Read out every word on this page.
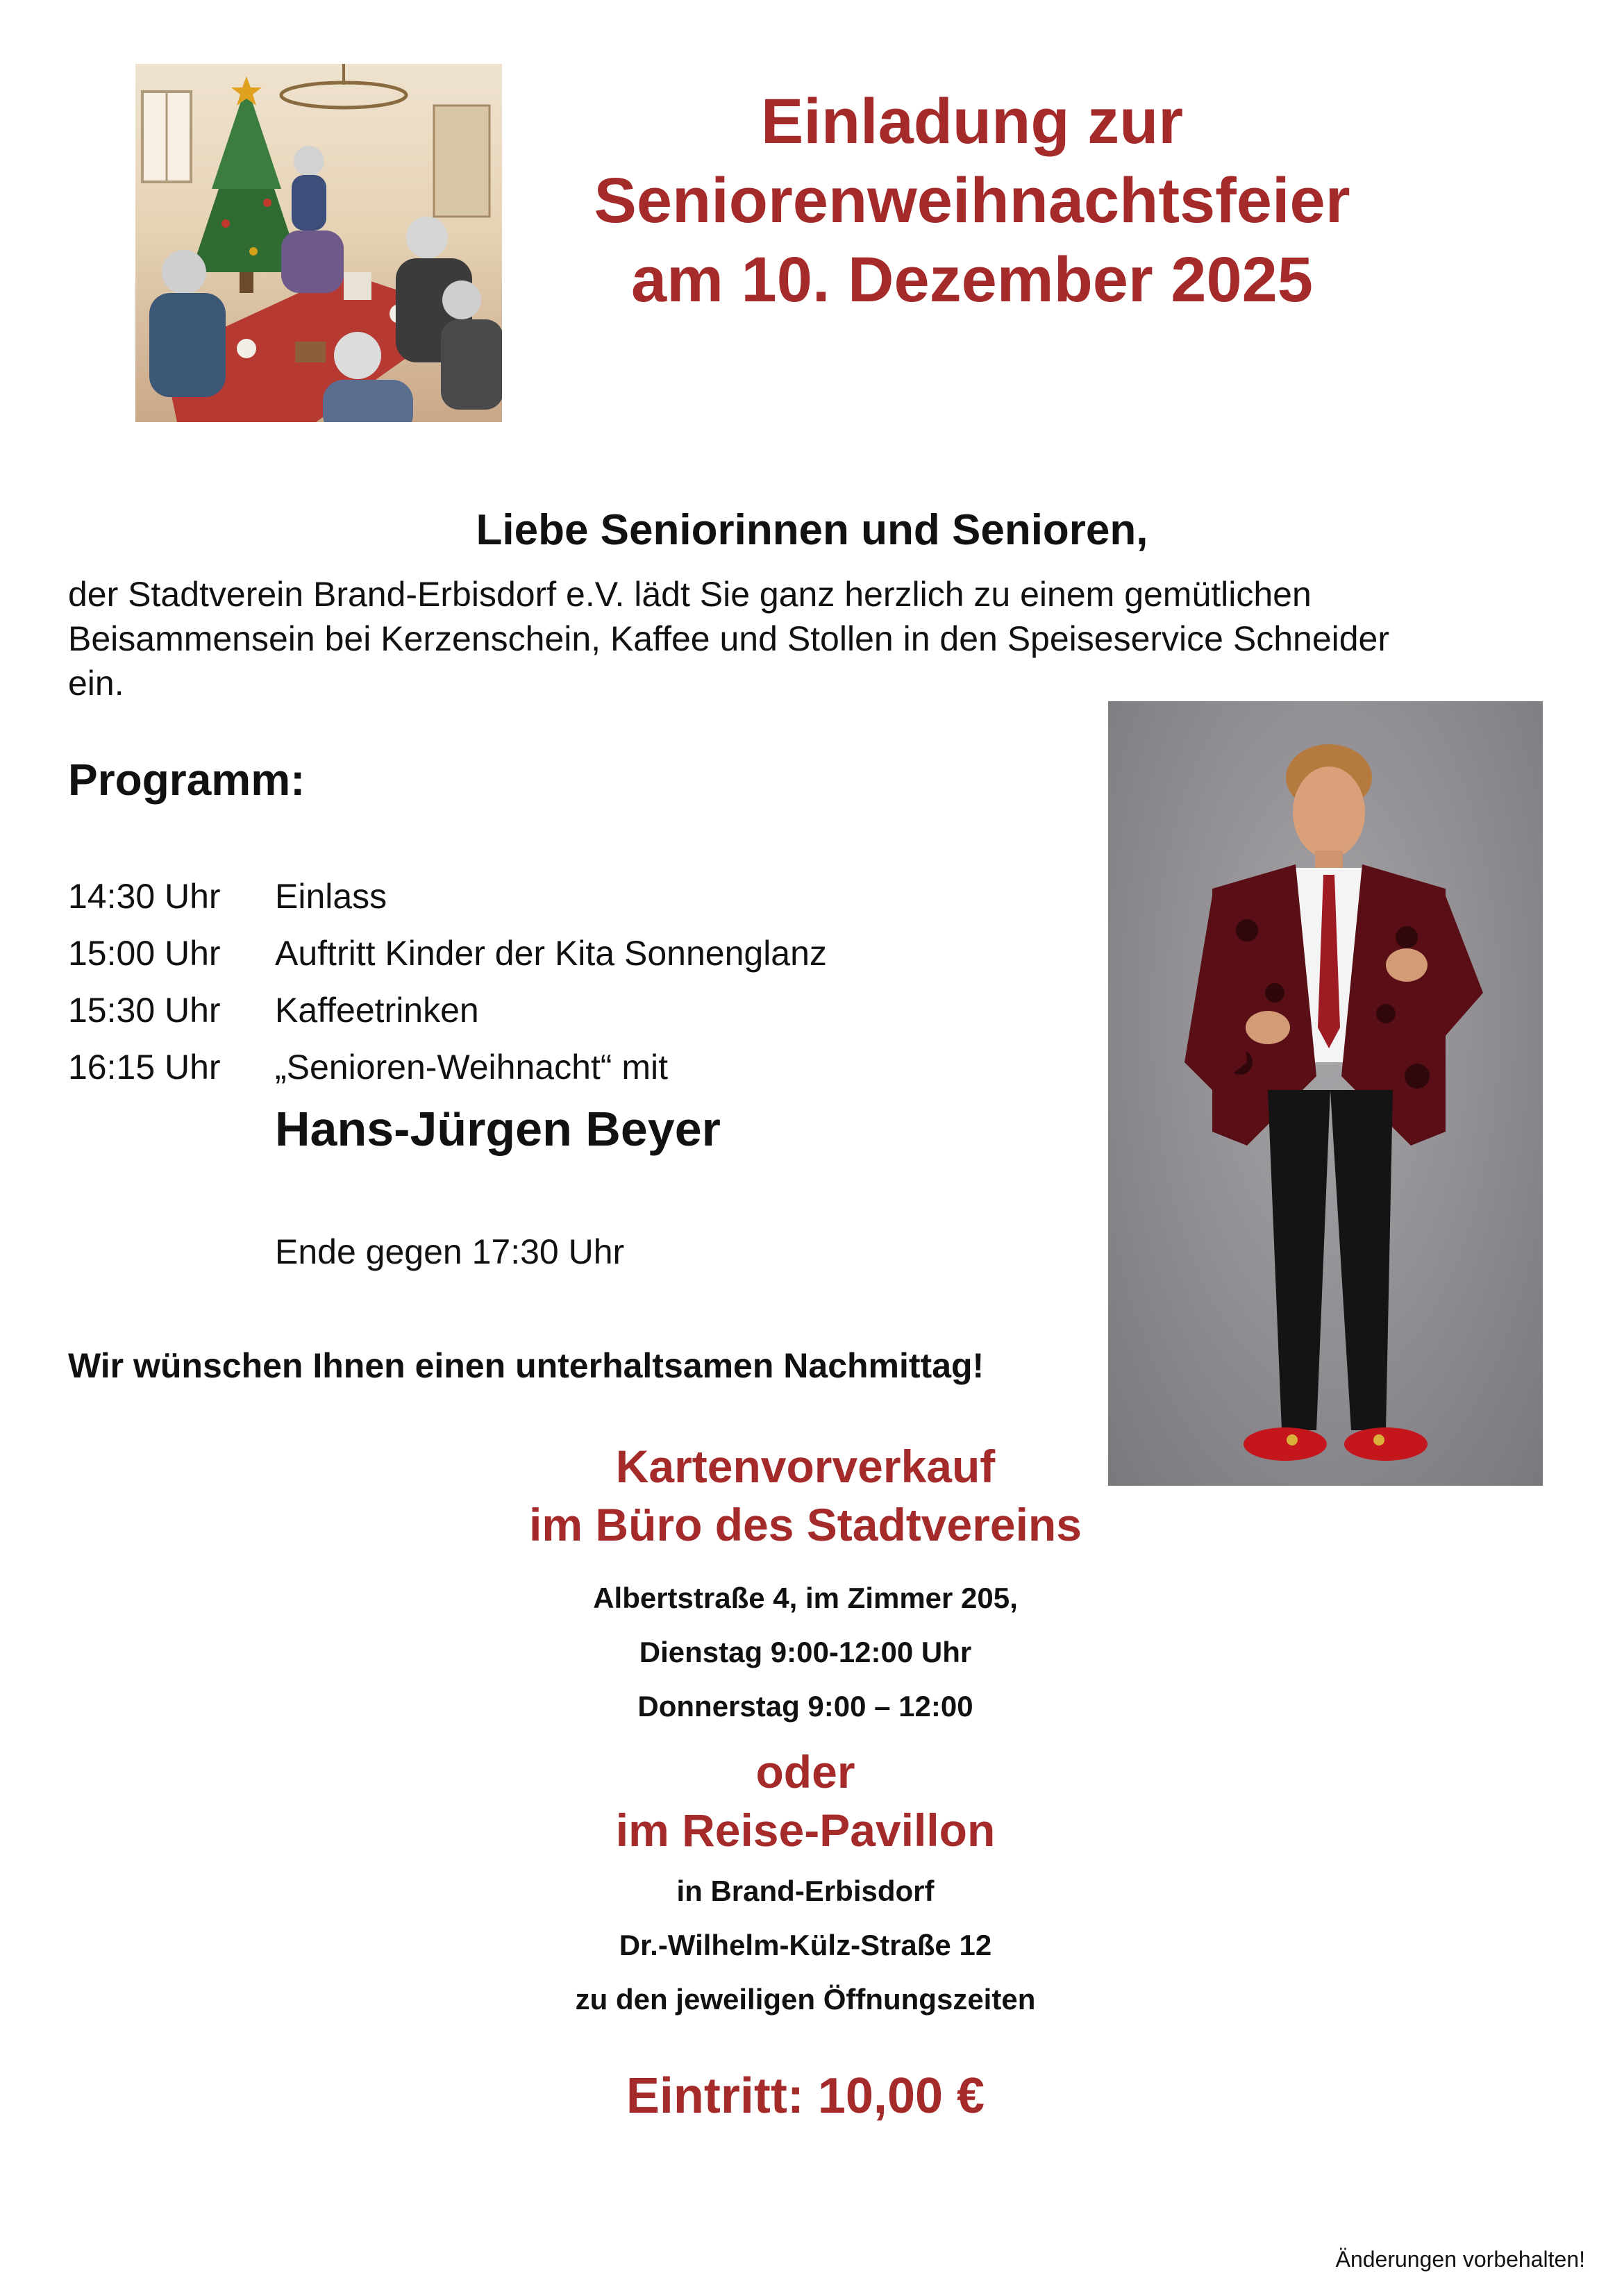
Einladung zur
Seniorenweihnachtsfeier
am 10. Dezember 2025
Liebe Seniorinnen und Senioren,
der Stadtverein Brand-Erbisdorf e.V. lädt Sie ganz herzlich zu einem gemütlichen
Beisammensein bei Kerzenschein, Kaffee und Stollen in den Speiseservice Schneider
ein.
Programm:
14:30 Uhr Einlass
15:00 Uhr Auftritt Kinder der Kita Sonnenglanz
15:30 Uhr Kaffeetrinken
16:15 Uhr „Senioren-Weihnacht“ mit
Hans-Jürgen Beyer
Ende gegen 17:30 Uhr
Wir wünschen Ihnen einen unterhaltsamen Nachmittag!
Kartenvorverkauf
im Büro des Stadtvereins
Albertstraße 4, im Zimmer 205,
Dienstag 9:00-12:00 Uhr
Donnerstag 9:00 – 12:00
oder
im Reise-Pavillon
in Brand-Erbisdorf
Dr.-Wilhelm-Külz-Straße 12
zu den jeweiligen Öffnungszeiten
Eintritt: 10,00 €
Änderungen vorbehalten!
